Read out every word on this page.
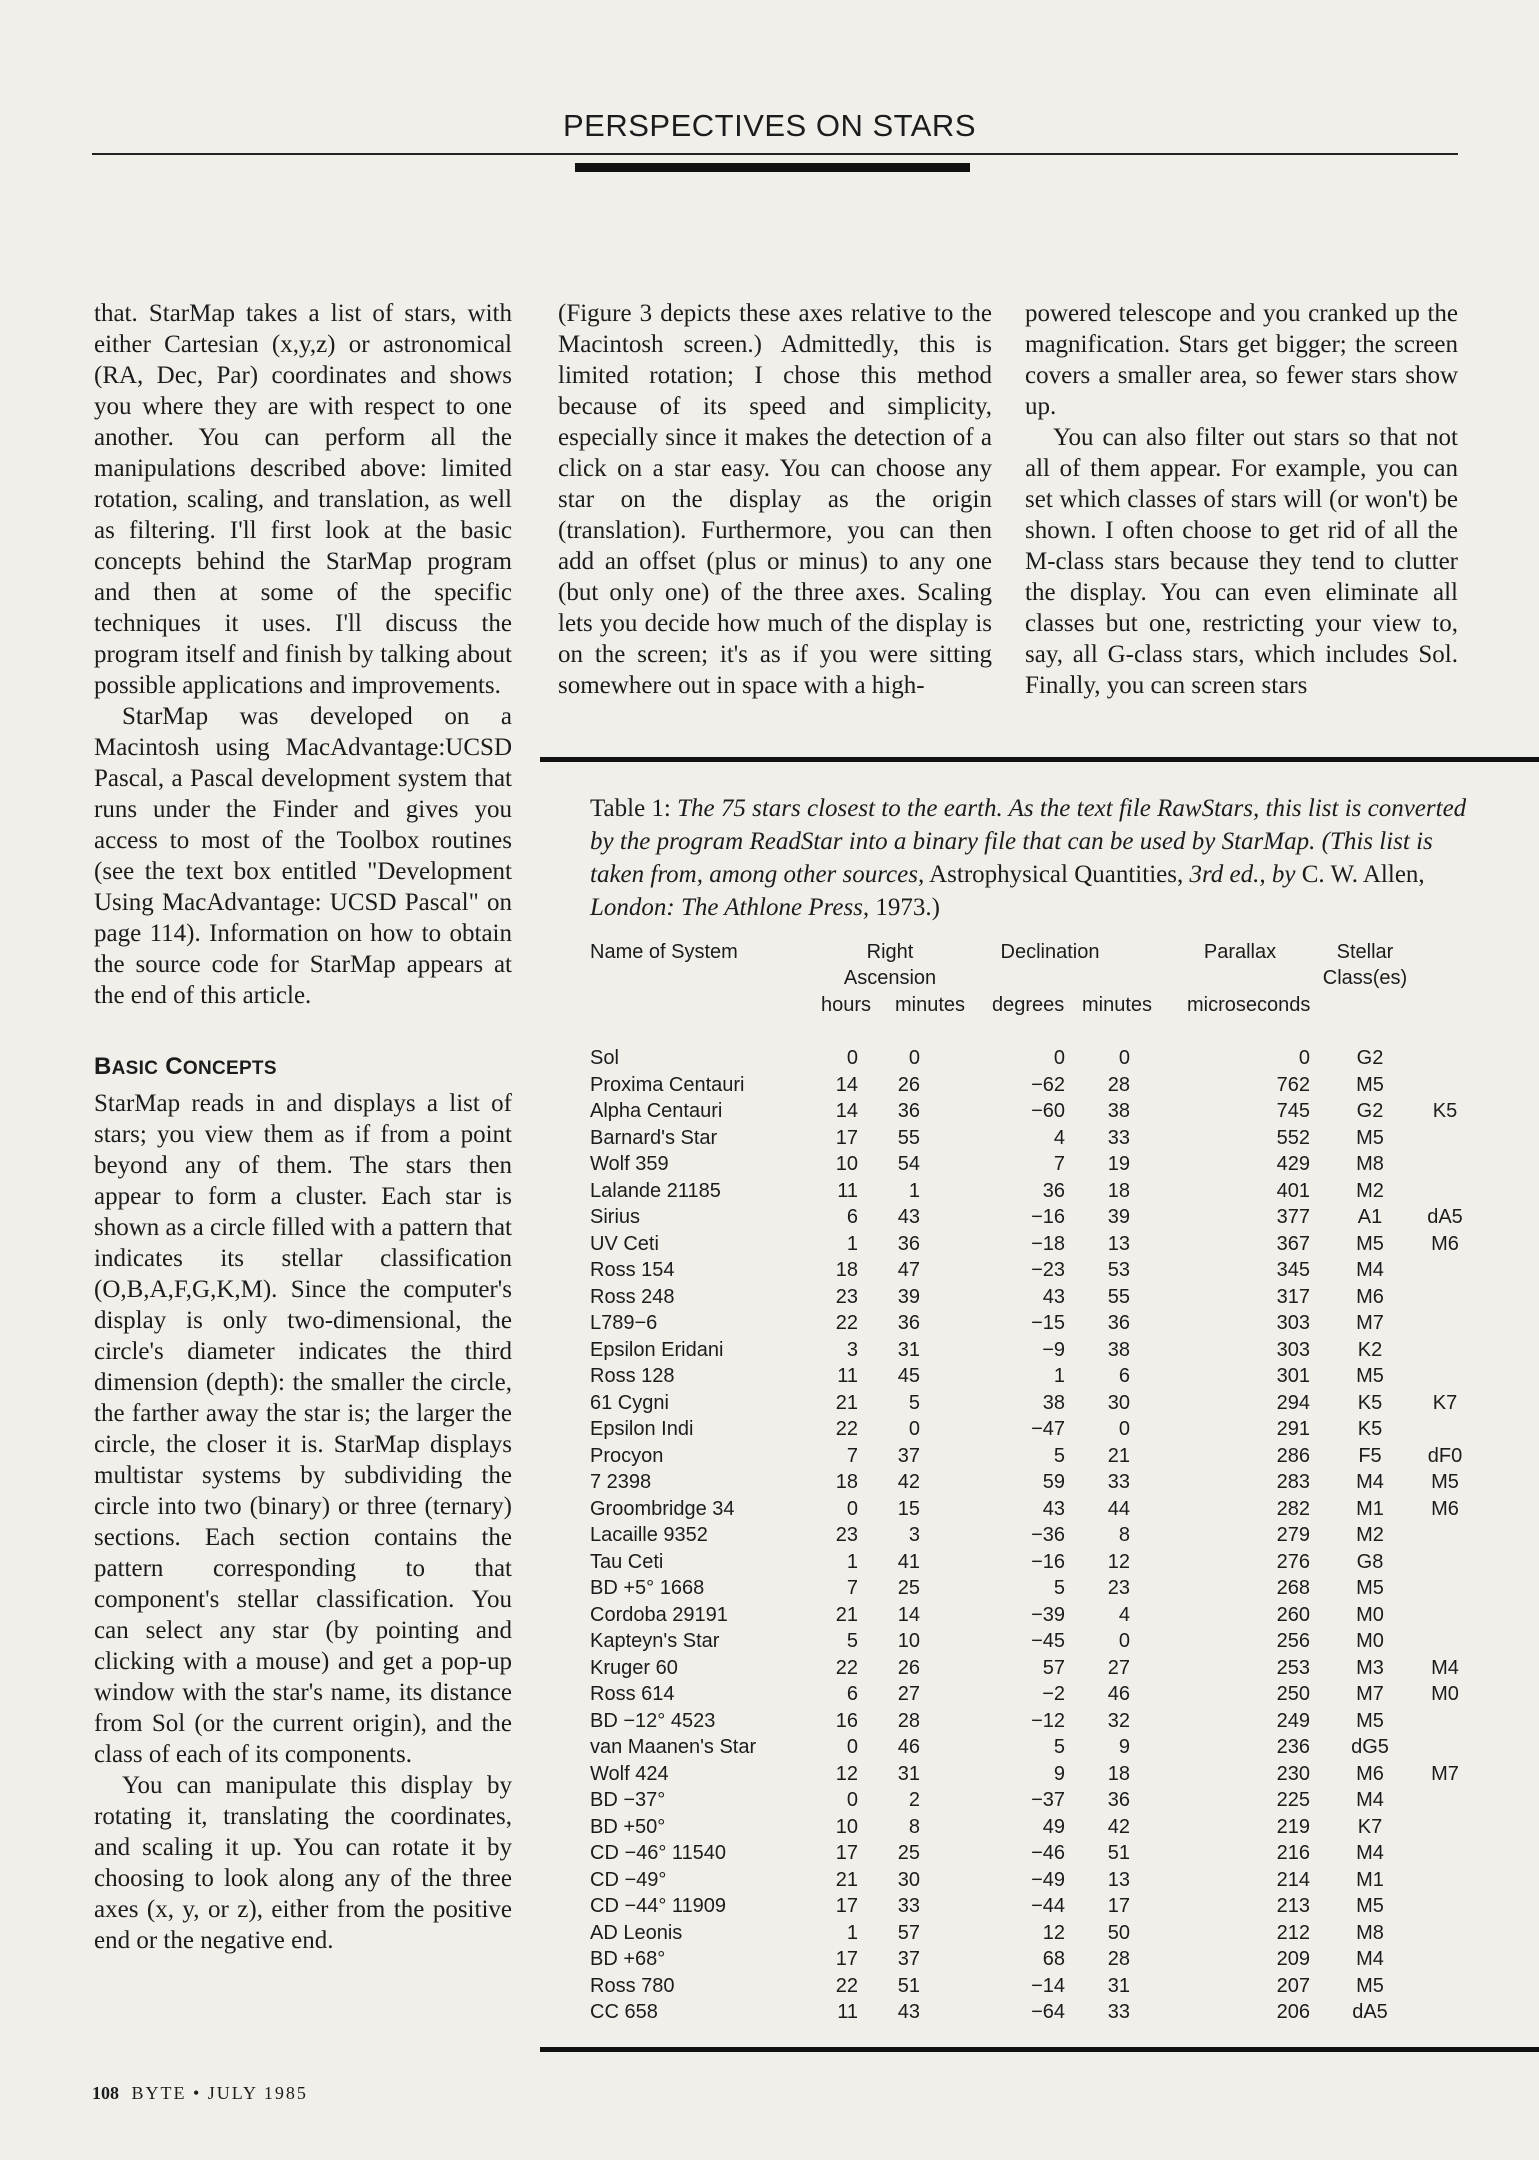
PERSPECTIVES ON STARS

that. StarMap takes a list of stars, with either Cartesian (x,y,z) or astronomical (RA, Dec, Par) coordinates and shows you where they are with respect to one another. You can perform all the manipulations described above: limited rotation, scaling, and translation, as well as filtering. I'll first look at the basic concepts behind the StarMap program and then at some of the specific techniques it uses. I'll discuss the program itself and finish by talking about possible applications and improvements.

StarMap was developed on a Macintosh using MacAdvantage:UCSD Pascal, a Pascal development system that runs under the Finder and gives you access to most of the Toolbox routines (see the text box entitled "Development Using MacAdvantage: UCSD Pascal" on page 114). Information on how to obtain the source code for StarMap appears at the end of this article.

BASIC CONCEPTS

StarMap reads in and displays a list of stars; you view them as if from a point beyond any of them. The stars then appear to form a cluster. Each star is shown as a circle filled with a pattern that indicates its stellar classification (O,B,A,F,G,K,M). Since the computer's display is only two-dimensional, the circle's diameter indicates the third dimension (depth): the smaller the circle, the farther away the star is; the larger the circle, the closer it is. StarMap displays multistar systems by subdividing the circle into two (binary) or three (ternary) sections. Each section contains the pattern corresponding to that component's stellar classification. You can select any star (by pointing and clicking with a mouse) and get a pop-up window with the star's name, its distance from Sol (or the current origin), and the class of each of its components.

You can manipulate this display by rotating it, translating the coordinates, and scaling it up. You can rotate it by choosing to look along any of the three axes (x, y, or z), either from the positive end or the negative end.

(Figure 3 depicts these axes relative to the Macintosh screen.) Admittedly, this is limited rotation; I chose this method because of its speed and simplicity, especially since it makes the detection of a click on a star easy. You can choose any star on the display as the origin (translation). Furthermore, you can then add an offset (plus or minus) to any one (but only one) of the three axes. Scaling lets you decide how much of the display is on the screen; it's as if you were sitting somewhere out in space with a high-

powered telescope and you cranked up the magnification. Stars get bigger; the screen covers a smaller area, so fewer stars show up.

You can also filter out stars so that not all of them appear. For example, you can set which classes of stars will (or won't) be shown. I often choose to get rid of all the M-class stars because they tend to clutter the display. You can even eliminate all classes but one, restricting your view to, say, all G-class stars, which includes Sol. Finally, you can screen stars

Table 1: The 75 stars closest to the earth. As the text file RawStars, this list is converted by the program ReadStar into a binary file that can be used by StarMap. (This list is taken from, among other sources, Astrophysical Quantities, 3rd ed., by C. W. Allen, London: The Athlone Press, 1973.)
Name of System	Right
Ascension
Declination	Parallax	Stellar
Class(es)
hours minutes degrees minutes microseconds
Sol	0	0	0	0	0	G2
Proxima Centauri	14	26	−62	28	762	M5
Alpha Centauri	14	36	−60	38	745	G2	K5
Barnard's Star	17	55	4	33	552	M5
Wolf 359	10	54	7	19	429	M8
Lalande 21185	11	1	36	18	401	M2
Sirius	6	43	−16	39	377	A1	dA5
UV Ceti	1	36	−18	13	367	M5	M6
Ross 154	18	47	−23	53	345	M4
Ross 248	23	39	43	55	317	M6
L789−6	22	36	−15	36	303	M7
Epsilon Eridani	3	31	−9	38	303	K2
Ross 128	11	45	1	6	301	M5
61 Cygni	21	5	38	30	294	K5	K7
Epsilon Indi	22	0	−47	0	291	K5
Procyon	7	37	5	21	286	F5	dF0
7 2398	18	42	59	33	283	M4	M5
Groombridge 34	0	15	43	44	282	M1	M6
Lacaille 9352	23	3	−36	8	279	M2
Tau Ceti	1	41	−16	12	276	G8
BD +5° 1668	7	25	5	23	268	M5
Cordoba 29191	21	14	−39	4	260	M0
Kapteyn's Star	5	10	−45	0	256	M0
Kruger 60	22	26	57	27	253	M3	M4
Ross 614	6	27	−2	46	250	M7	M0
BD −12° 4523	16	28	−12	32	249	M5
van Maanen's Star	0	46	5	9	236	dG5
Wolf 424	12	31	9	18	230	M6	M7
BD −37°	0	2	−37	36	225	M4
BD +50°	10	8	49	42	219	K7
CD −46° 11540	17	25	−46	51	216	M4
CD −49°	21	30	−49	13	214	M1
CD −44° 11909	17	33	−44	17	213	M5
AD Leonis	1	57	12	50	212	M8
BD +68°	17	37	68	28	209	M4
Ross 780	22	51	−14	31	207	M5
CC 658	11	43	−64	33	206	dA5
108 BYTE • JULY 1985
